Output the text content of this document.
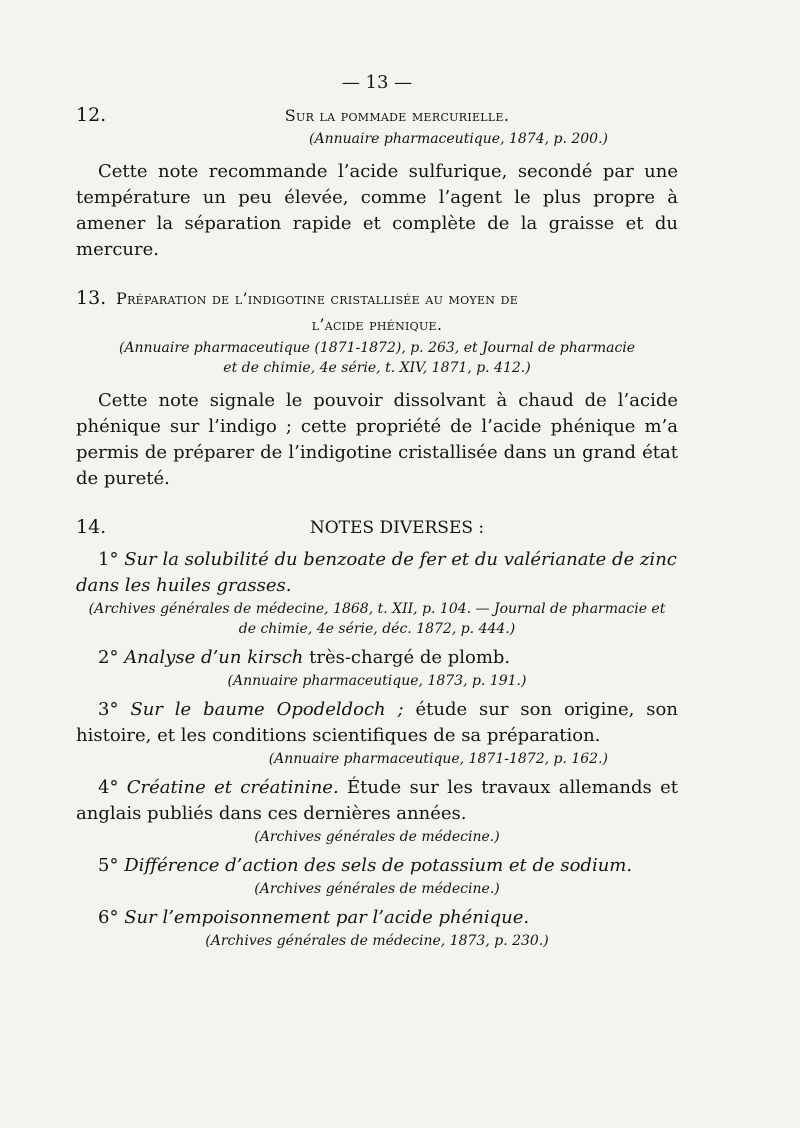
— 13 —
12.	Sur la pommade mercurielle.
(Annuaire pharmaceutique, 1874, p. 200.)
Cette note recommande l’acide sulfurique, secondé par une température un peu élevée, comme l’agent le plus propre à amener la séparation rapide et complète de la graisse et du mercure.
13. Préparation de l’indigotine cristallisée au moyen de
l’acide phénique.
(Annuaire pharmaceutique (1871-1872), p. 263, et Journal de pharmacie
et de chimie, 4e série, t. XIV, 1871, p. 412.)
Cette note signale le pouvoir dissolvant à chaud de l’acide phénique sur l’indigo ; cette propriété de l’acide phénique m’a permis de préparer de l’indigotine cristallisée dans un grand état de pureté.
14.	NOTES DIVERSES :
1° Sur la solubilité du benzoate de fer et du valérianate de zinc dans les huiles grasses.
(Archives générales de médecine, 1868, t. XII, p. 104. — Journal de pharmacie et
de chimie, 4e série, déc. 1872, p. 444.)
2° Analyse d’un kirsch très-chargé de plomb.
(Annuaire pharmaceutique, 1873, p. 191.)
3° Sur le baume Opodeldoch ; étude sur son origine, son histoire, et les conditions scientifiques de sa préparation.
(Annuaire pharmaceutique, 1871-1872, p. 162.)
4° Créatine et créatinine. Étude sur les travaux allemands et anglais publiés dans ces dernières années.
(Archives générales de médecine.)
5° Différence d’action des sels de potassium et de sodium.
(Archives générales de médecine.)
6° Sur l’empoisonnement par l’acide phénique.
(Archives générales de médecine, 1873, p. 230.)
